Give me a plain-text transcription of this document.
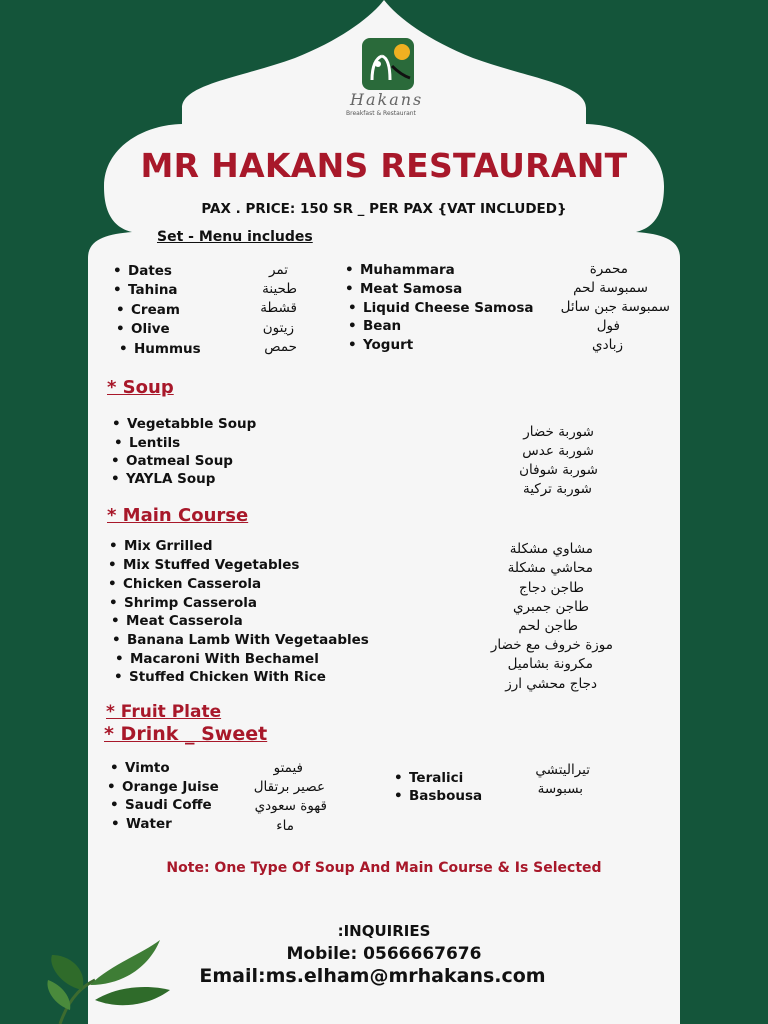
Hakans
Breakfast & Restaurant
MR HAKANS RESTAURANT
PAX . PRICE: 150 SR _ PER PAX {VAT INCLUDED}
Set - Menu includes
• Dates
• Tahina
• Cream
• Olive
• Hummus
تمر
طحينة
قشطة
زيتون
حمص
• Muhammara
• Meat Samosa
• Liquid Cheese Samosa
• Bean
• Yogurt
محمرة
سمبوسة لحم
سمبوسة جبن سائل
فول
زبادي
* Soup
• Vegetabble Soup
• Lentils
• Oatmeal Soup
• YAYLA Soup
شوربة خضار
شوربة عدس
شوربة شوفان
شوربة تركية
* Main Course
• Mix Grrilled
• Mix Stuffed Vegetables
• Chicken Casserola
• Shrimp Casserola
• Meat Casserola
• Banana Lamb With Vegetaables
• Macaroni With Bechamel
• Stuffed Chicken With Rice
مشاوي مشكلة
محاشي مشكلة
طاجن دجاج
طاجن جمبري
طاجن لحم
موزة خروف مع خضار
مكرونة بشاميل
دجاج محشي ارز
* Fruit Plate
* Drink _ Sweet
• Vimto
• Orange Juise
• Saudi Coffe
• Water
فيمتو
عصير برتقال
قهوة سعودي
ماء
• Teralici
• Basbousa
تيراليتشي
بسبوسة
Note: One Type Of Soup And Main Course & Is Selected
:INQUIRIES
Mobile: 0566667676
Email:ms.elham@mrhakans.com
